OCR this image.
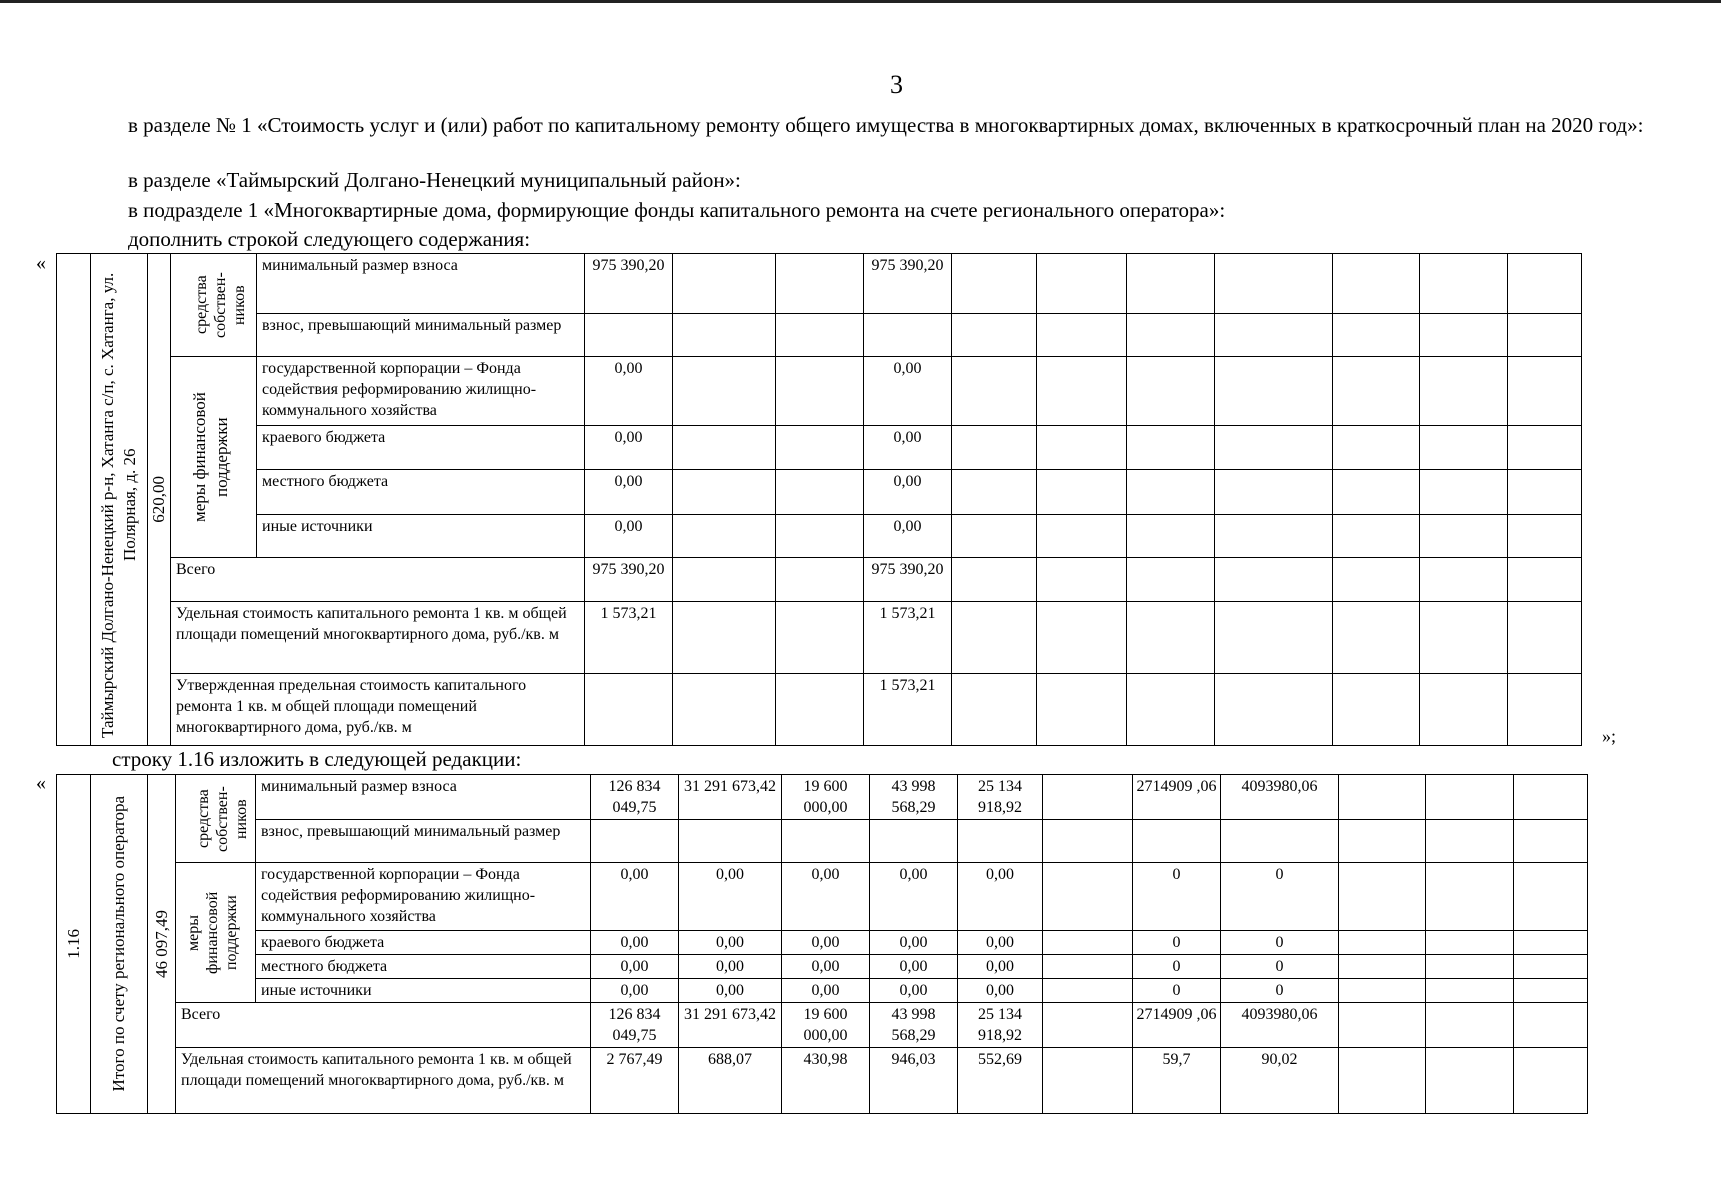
3

в разделе № 1 «Стоимость услуг и (или) работ по капитальному ремонту общего имущества в многоквартирных домах, включенных в краткосрочный план на 2020 год»:

в разделе «Таймырский Долгано-Ненецкий муниципальный район»:

в подразделе 1 «Многоквартирные дома, формирующие фонды капитального ремонта на счете регионального оператора»:

дополнить строкой следующего содержания:

строку 1.16 изложить в следующей редакции:

«
«
»;

	Таймырский Долгано-Ненецкий р-н, Хатанга с/п, с. Хатанга, ул. Полярная, д. 26	620,00	средства собствен-ников	минимальный размер взноса	975 390,20			975 390,20							
				взнос, превышающий минимальный размер											

			меры финансовой поддержки	государственной корпорации – Фонда содействия реформированию жилищно-коммунального хозяйства	0,00			0,00							
				краевого бюджета	0,00			0,00							
				местного бюджета	0,00			0,00							
				иные источники	0,00			0,00							
			Всего		975 390,20			975 390,20							
			Удельная стоимость капитального ремонта 1 кв. м общей площади помещений многоквартирного дома, руб./кв. м		1 573,21			1 573,21							
			Утвержденная предельная стоимость капитального ремонта 1 кв. м общей площади помещений многоквартирного дома, руб./кв. м					1 573,21							
1.16	Итого по счету регионального оператора	46 097,49	средства собствен-ников	минимальный размер взноса	126 834 049,75	31 291 673,42	19 600 000,00	43 998 568,29	25 134 918,92		2714909 ,06	4093980,06			
				взнос, превышающий минимальный размер											

			меры финансовой поддержки	государственной корпорации – Фонда содействия реформированию жилищно-коммунального хозяйства	0,00	0,00	0,00	0,00	0,00		0	0			
				краевого бюджета	0,00	0,00	0,00	0,00	0,00		0	0			
				местного бюджета	0,00	0,00	0,00	0,00	0,00		0	0			
				иные источники	0,00	0,00	0,00	0,00	0,00		0	0			
			Всего		126 834 049,75	31 291 673,42	19 600 000,00	43 998 568,29	25 134 918,92		2714909 ,06	4093980,06			
			Удельная стоимость капитального ремонта 1 кв. м общей площади помещений многоквартирного дома, руб./кв. м		2 767,49	688,07	430,98	946,03	552,69		59,7	90,02			
